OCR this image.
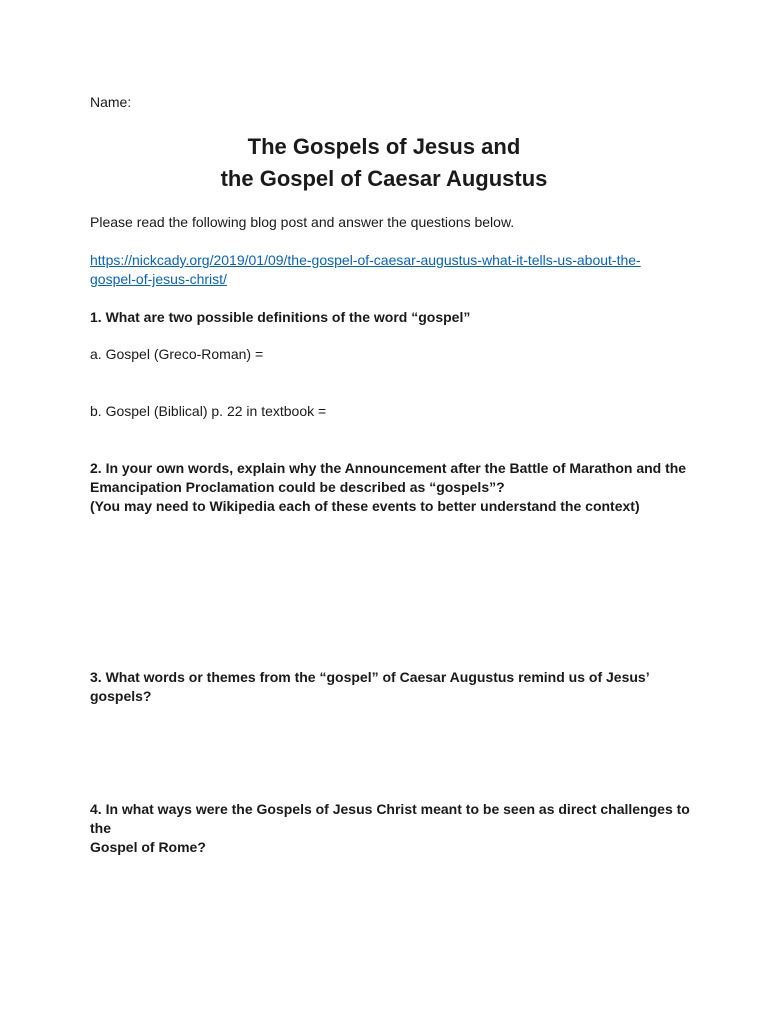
Name:

The Gospels of Jesus and
the Gospel of Caesar Augustus

Please read the following blog post and answer the questions below.

https://nickcady.org/2019/01/09/the-gospel-of-caesar-augustus-what-it-tells-us-about-the-
gospel-of-jesus-christ/

1. What are two possible definitions of the word “gospel”

a. Gospel (Greco-Roman) =

b. Gospel (Biblical) p. 22 in textbook =

2. In your own words, explain why the Announcement after the Battle of Marathon and the
Emancipation Proclamation could be described as “gospels”?
(You may need to Wikipedia each of these events to better understand the context)

3. What words or themes from the “gospel” of Caesar Augustus remind us of Jesus’ gospels?

4. In what ways were the Gospels of Jesus Christ meant to be seen as direct challenges to the
Gospel of Rome?
